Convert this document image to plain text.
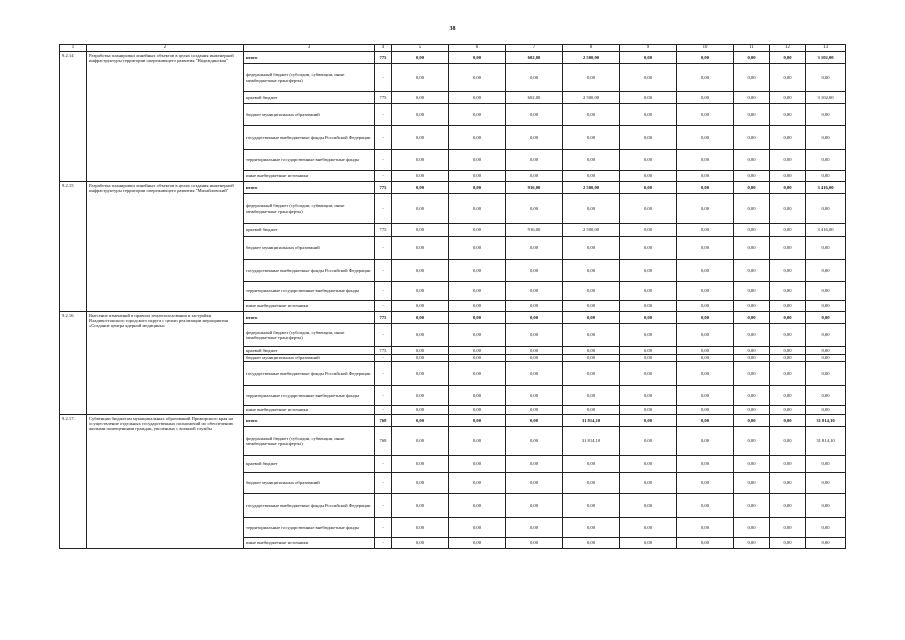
38
1	2	3	4	5	6	7	8	9	10	11	12	13
9.2.14	Разработка планировки линейных объектов в целях создания инженерной инфраструктуры территории опережающего развития "Надеждинская"	итого	775	0,00	0,00	602,00	2 500,00	0,00	0,00	0,00	0,00	3 102,00
		федеральный бюджет (субсидии, субвенции, иные межбюджетные трансферты)	-	0,00	0,00	0,00	0,00	0,00	0,00	0,00	0,00	0,00
		краевой бюджет	775	0,00	0,00	602,00	2 500,00	0,00	0,00	0,00	0,00	3 102,00
		бюджет муниципальных образований	-	0,00	0,00	0,00	0,00	0,00	0,00	0,00	0,00	0,00
		государственные внебюджетные фонды Российской Федерации	-	0,00	0,00	0,00	0,00	0,00	0,00	0,00	0,00	0,00
		территориальные государственные внебюджетные фонды	-	0,00	0,00	0,00	0,00	0,00	0,00	0,00	0,00	0,00
		иные внебюджетные источники	-	0,00	0,00	0,00	0,00	0,00	0,00	0,00	0,00	0,00
9.2.15	Разработка планировки линейных объектов в целях создания инженерной инфраструктуры территории опережающего развития "Михайловский"	итого	775	0,00	0,00	916,00	2 500,00	0,00	0,00	0,00	0,00	3 416,00
		федеральный бюджет (субсидии, субвенции, иные межбюджетные трансферты)	-	0,00	0,00	0,00	0,00	0,00	0,00	0,00	0,00	0,00
		краевой бюджет	775	0,00	0,00	916,00	2 500,00	0,00	0,00	0,00	0,00	3 416,00
		бюджет муниципальных образований	-	0,00	0,00	0,00	0,00	0,00	0,00	0,00	0,00	0,00
		государственные внебюджетные фонды Российской Федерации	-	0,00	0,00	0,00	0,00	0,00	0,00	0,00	0,00	0,00
		территориальные государственные внебюджетные фонды	-	0,00	0,00	0,00	0,00	0,00	0,00	0,00	0,00	0,00
		иные внебюджетные источники	-	0,00	0,00	0,00	0,00	0,00	0,00	0,00	0,00	0,00
9.2.16	Внесение изменений в правила землепользования и застройки Владивостокского городского округа с целью реализации мероприятия «Создание центра ядерной медицины»	итого	775	0,00	0,00	0,00	0,00	0,00	0,00	0,00	0,00	0,00
		федеральный бюджет (субсидии, субвенции, иные межбюджетные трансферты)	-	0,00	0,00	0,00	0,00	0,00	0,00	0,00	0,00	0,00
		краевой бюджет	775	0,00	0,00	0,00	0,00	0,00	0,00	0,00	0,00	0,00
		бюджет муниципальных образований	-	0,00	0,00	0,00	0,00	0,00	0,00	0,00	0,00	0,00
		государственные внебюджетные фонды Российской Федерации	-	0,00	0,00	0,00	0,00	0,00	0,00	0,00	0,00	0,00
		территориальные государственные внебюджетные фонды	-	0,00	0,00	0,00	0,00	0,00	0,00	0,00	0,00	0,00
		иные внебюджетные источники	-	0,00	0,00	0,00	0,00	0,00	0,00	0,00	0,00	0,00
9.2.17.	Субвенции бюджетам муниципальных образований Приморского края на осуществление отдельных государственных полномочий по обеспечению жилыми помещениями граждан, уволенных с военной службы	итого	768	0,00	0,00	0,00	31 814,10	0,00	0,00	0,00	0,00	31 814,10
		федеральный бюджет (субсидии, субвенции, иные межбюджетные трансферты)	768	0,00	0,00	0,00	31 814,10	0,00	0,00	0,00	0,00	31 814,10
		краевой бюджет	-	0,00	0,00	0,00	0,00	0,00	0,00	0,00	0,00	0,00
		бюджет муниципальных образований	-	0,00	0,00	0,00	0,00	0,00	0,00	0,00	0,00	0,00
		государственные внебюджетные фонды Российской Федерации	-	0,00	0,00	0,00	0,00	0,00	0,00	0,00	0,00	0,00
		территориальные государственные внебюджетные фонды	-	0,00	0,00	0,00	0,00	0,00	0,00	0,00	0,00	0,00
		иные внебюджетные источники	-	0,00	0,00	0,00	0,00	0,00	0,00	0,00	0,00	0,00
